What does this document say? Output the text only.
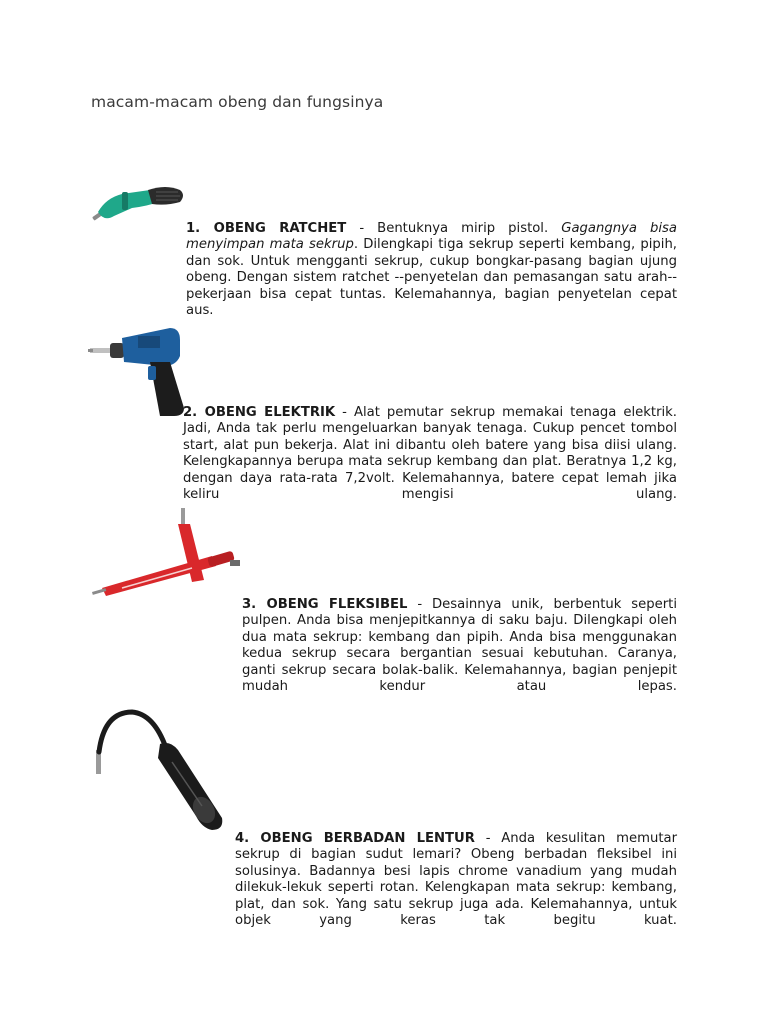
macam-macam obeng dan fungsinya
1. OBENG RATCHET - Bentuknya mirip pistol. Gagangnya bisa menyimpan mata sekrup. Dilengkapi tiga sekrup seperti kembang, pipih, dan sok. Untuk mengganti sekrup, cukup bongkar-pasang bagian ujung obeng. Dengan sistem ratchet --penyetelan dan pemasangan satu arah-- pekerjaan bisa cepat tuntas. Kelemahannya, bagian penyetelan cepat aus.
2. OBENG ELEKTRIK - Alat pemutar sekrup memakai tenaga elektrik. Jadi, Anda tak perlu mengeluarkan banyak tenaga. Cukup pencet tombol start, alat pun bekerja. Alat ini dibantu oleh batere yang bisa diisi ulang. Kelengkapannya berupa mata sekrup kembang dan plat. Beratnya 1,2 kg, dengan daya rata-rata 7,2volt. Kelemahannya, batere cepat lemah jika keliru mengisi ulang.
3. OBENG FLEKSIBEL - Desainnya unik, berbentuk seperti pulpen. Anda bisa menjepitkannya di saku baju. Dilengkapi oleh dua mata sekrup: kembang dan pipih. Anda bisa menggunakan kedua sekrup secara bergantian sesuai kebutuhan. Caranya, ganti sekrup secara bolak-balik. Kelemahannya, bagian penjepit mudah kendur atau lepas.
4. OBENG BERBADAN LENTUR - Anda kesulitan memutar sekrup di bagian sudut lemari? Obeng berbadan fleksibel ini solusinya. Badannya besi lapis chrome vanadium yang mudah dilekuk-lekuk seperti rotan. Kelengkapan mata sekrup: kembang, plat, dan sok. Yang satu sekrup juga ada. Kelemahannya, untuk objek yang keras tak begitu kuat.
